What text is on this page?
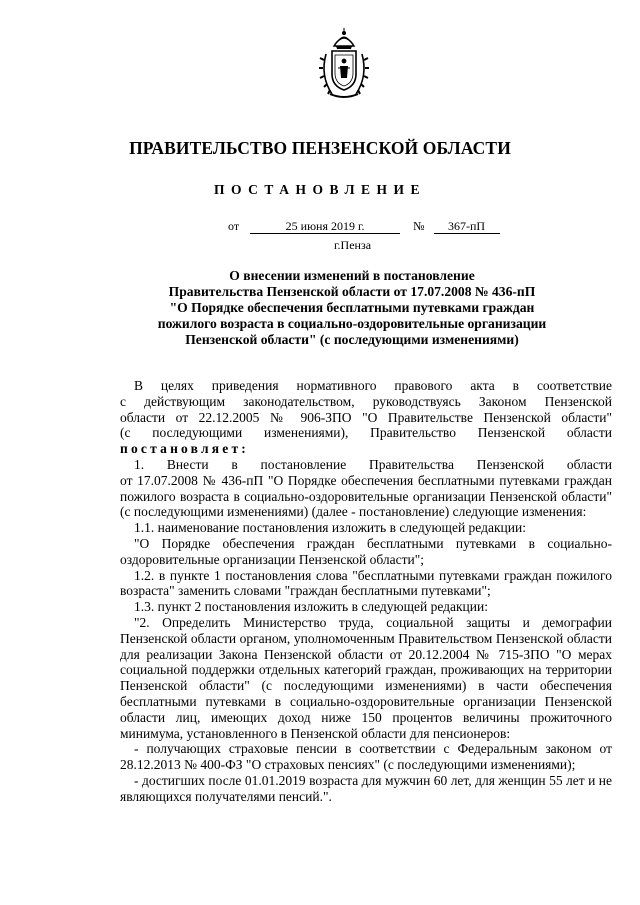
ПРАВИТЕЛЬСТВО ПЕНЗЕНСКОЙ ОБЛАСТИ
ПОСТАНОВЛЕНИЕ
от	25 июня 2019 г.	№ 367-пП
г.Пенза
О внесении изменений в постановление
Правительства Пензенской области от 17.07.2008 № 436-пП
"О Порядке обеспечения бесплатными путевками граждан
пожилого возраста в социально-оздоровительные организации
Пензенской области" (с последующими изменениями)
В целях приведения нормативного правового акта в соответствие
с действующим законодательством, руководствуясь Законом Пензенской
области от 22.12.2005 № 906-ЗПО "О Правительстве Пензенской области"
(с последующими изменениями), Правительство Пензенской области
постановляет:
1. Внести в постановление Правительства Пензенской области
от 17.07.2008 № 436-пП "О Порядке обеспечения бесплатными путевками граждан пожилого возраста в социально-оздоровительные организации Пензенской области" (с последующими изменениями) (далее - постановление) следующие изменения:
1.1. наименование постановления изложить в следующей редакции:
"О Порядке обеспечения граждан бесплатными путевками в социально-оздоровительные организации Пензенской области";
1.2. в пункте 1 постановления слова "бесплатными путевками граждан пожилого возраста" заменить словами "граждан бесплатными путевками";
1.3. пункт 2 постановления изложить в следующей редакции:
"2. Определить Министерство труда, социальной защиты и демографии Пензенской области органом, уполномоченным Правительством Пензенской области для реализации Закона Пензенской области от 20.12.2004 № 715-ЗПО "О мерах социальной поддержки отдельных категорий граждан, проживающих на территории Пензенской области" (с последующими изменениями) в части обеспечения бесплатными путевками в социально-оздоровительные организации Пензенской области лиц, имеющих доход ниже 150 процентов величины прожиточного минимума, установленного в Пензенской области для пенсионеров:
- получающих страховые пенсии в соответствии с Федеральным законом от 28.12.2013 № 400-ФЗ "О страховых пенсиях" (с последующими изменениями);
- достигших после 01.01.2019 возраста для мужчин 60 лет, для женщин 55 лет и не являющихся получателями пенсий.".
